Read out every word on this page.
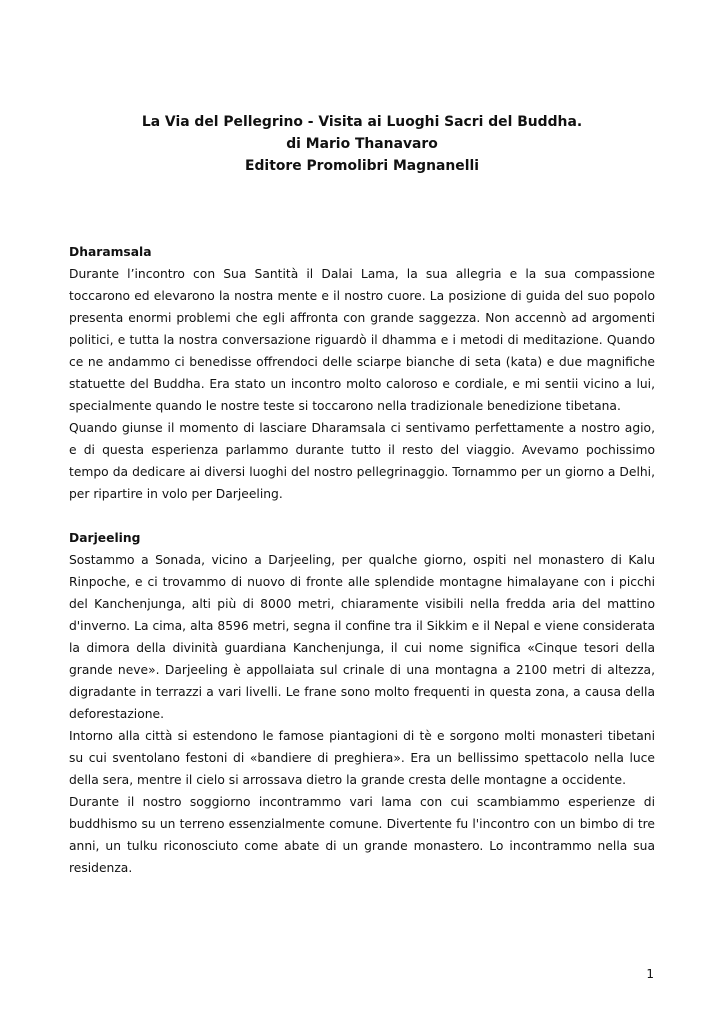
La Via del Pellegrino - Visita ai Luoghi Sacri del Buddha.
di Mario Thanavaro
Editore Promolibri Magnanelli

Dharamsala

Durante l’incontro con Sua Santità il Dalai Lama, la sua allegria e la sua compassione toccarono ed elevarono la nostra mente e il nostro cuore. La posizione di guida del suo popolo presenta enormi problemi che egli affronta con grande saggezza. Non accennò ad argomenti politici, e tutta la nostra conversazione riguardò il dhamma e i metodi di meditazione. Quando ce ne andammo ci benedisse offrendoci delle sciarpe bianche di seta (kata) e due magnifiche statuette del Buddha. Era stato un incontro molto caloroso e cordiale, e mi sentii vicino a lui, specialmente quando le nostre teste si toccarono nella tradizionale benedizione tibetana.

Quando giunse il momento di lasciare Dharamsala ci sentivamo perfettamente a nostro agio, e di questa esperienza parlammo durante tutto il resto del viaggio. Avevamo pochissimo tempo da dedicare ai diversi luoghi del nostro pellegrinaggio. Tornammo per un giorno a Delhi, per ripartire in volo per Darjeeling.

Darjeeling

Sostammo a Sonada, vicino a Darjeeling, per qualche giorno, ospiti nel monastero di Kalu Rinpoche, e ci trovammo di nuovo di fronte alle splendide montagne himalayane con i picchi del Kanchenjunga, alti più di 8000 metri, chiaramente visibili nella fredda aria del mattino d'inverno. La cima, alta 8596 metri, segna il confine tra il Sikkim e il Nepal e viene considerata la dimora della divinità guardiana Kanchenjunga, il cui nome significa «Cinque tesori della grande neve». Darjeeling è appollaiata sul crinale di una montagna a 2100 metri di altezza, digradante in terrazzi a vari livelli. Le frane sono molto frequenti in questa zona, a causa della deforestazione.

Intorno alla città si estendono le famose piantagioni di tè e sorgono molti monasteri tibetani su cui sventolano festoni di «bandiere di preghiera». Era un bellissimo spettacolo nella luce della sera, mentre il cielo si arrossava dietro la grande cresta delle montagne a occidente.

Durante il nostro soggiorno incontrammo vari lama con cui scambiammo esperienze di buddhismo su un terreno essenzialmente comune. Divertente fu l'incontro con un bimbo di tre anni, un tulku riconosciuto come abate di un grande monastero. Lo incontrammo nella sua residenza.

1
